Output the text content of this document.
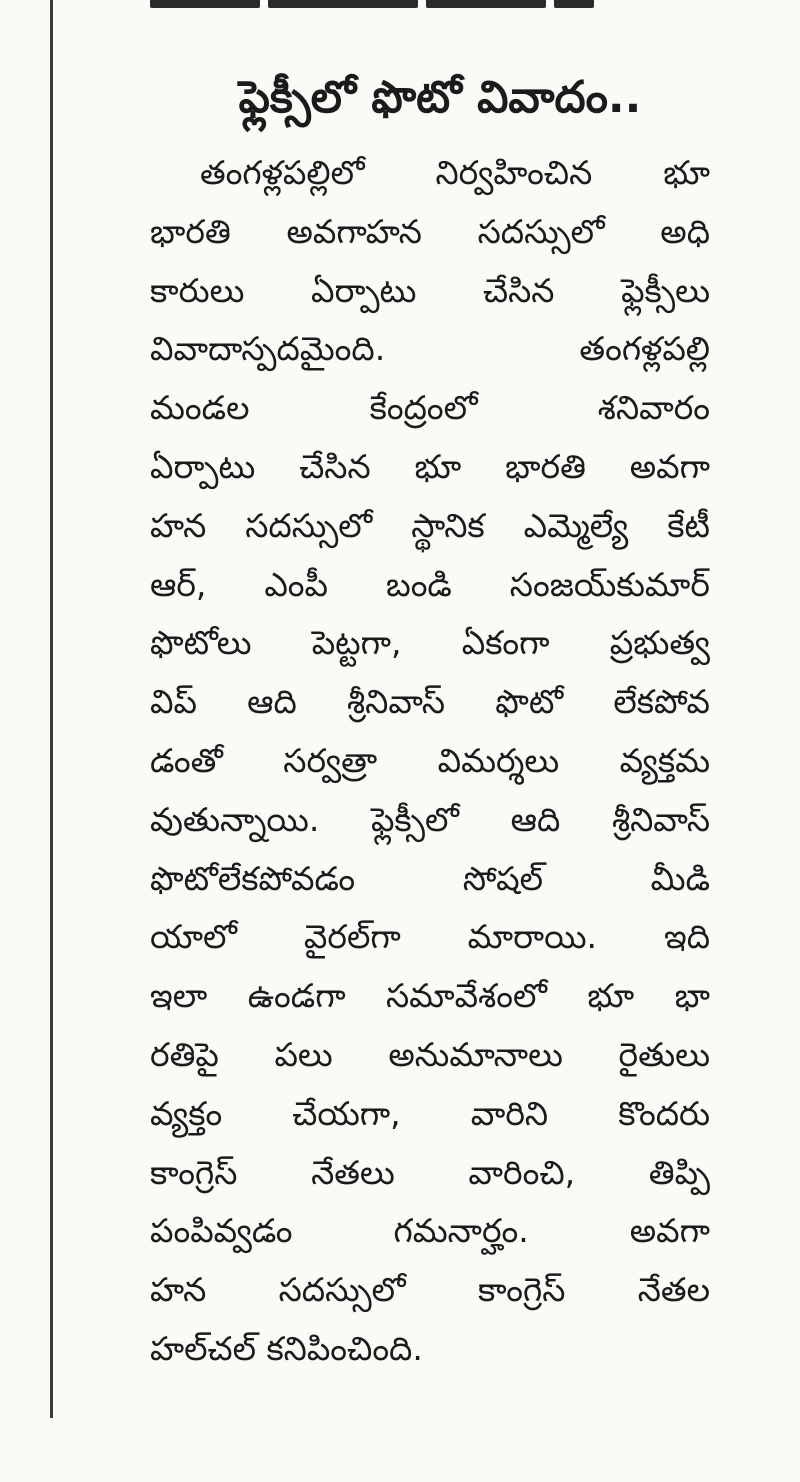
ఫ్లెక్సీలో ఫొటో వివాదం..
తంగళ్లపల్లిలో నిర్వహించిన భూ
భారతి అవగాహన సదస్సులో అధి
కారులు ఏర్పాటు చేసిన ఫ్లెక్సీలు
వివాదాస్పదమైంది. తంగళ్లపల్లి
మండల కేంద్రంలో శనివారం
ఏర్పాటు చేసిన భూ భారతి అవగా
హన సదస్సులో స్థానిక ఎమ్మెల్యే కేటీ
ఆర్, ఎంపీ బండి సంజయ్‌కుమార్
ఫొటోలు పెట్టగా, ఏకంగా ప్రభుత్వ
విప్ ఆది శ్రీనివాస్ ఫొటో లేకపోవ
డంతో సర్వత్రా విమర్శలు వ్యక్తమ
వుతున్నాయి. ఫ్లెక్సీలో ఆది శ్రీనివాస్
ఫొటోలేకపోవడం సోషల్ మీడి
యాలో వైరల్‌గా మారాయి. ఇది
ఇలా ఉండగా సమావేశంలో భూ భా
రతిపై పలు అనుమానాలు రైతులు
వ్యక్తం చేయగా, వారిని కొందరు
కాంగ్రెస్ నేతలు వారించి, తిప్పి
పంపివ్వడం గమనార్హం. అవగా
హన సదస్సులో కాంగ్రెస్ నేతల
హల్‌చల్ కనిపించింది.
